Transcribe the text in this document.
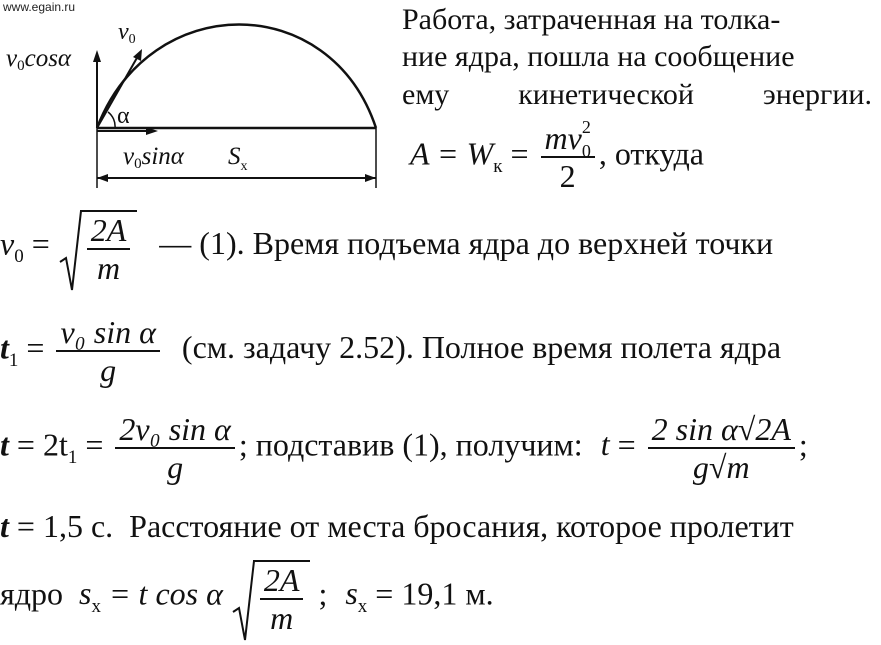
www.egain.ru
v0cosα
v0
α
v0sinα $S_x$
Работа, затраченная на толка-
ние ядра, пошла на сообщение
ему кинетической энергии.
$A = W_к$ = mv 2
0
2 , откуда
$v_0 = \frac{2A}{m}$ — (1). Время подъема ядра до верхней точки
$t_1 = \frac{\text{v₀ sin α}}{g} (см$. задачу 2.52). Полное время полета ядра
$t = 2t_1 = \frac{\text{2v₀ sin α}}{g}$ ; подставив (1), получим: $t = \frac{\text{2 sin α√2A}}{g√m}$ ;
t = 1,5 с. Расстояние от места бросания, которое пролетит
ядро $s_x = t$ cos α $\frac{2A}{m}$ ; $s_x = 19,1$ м.
